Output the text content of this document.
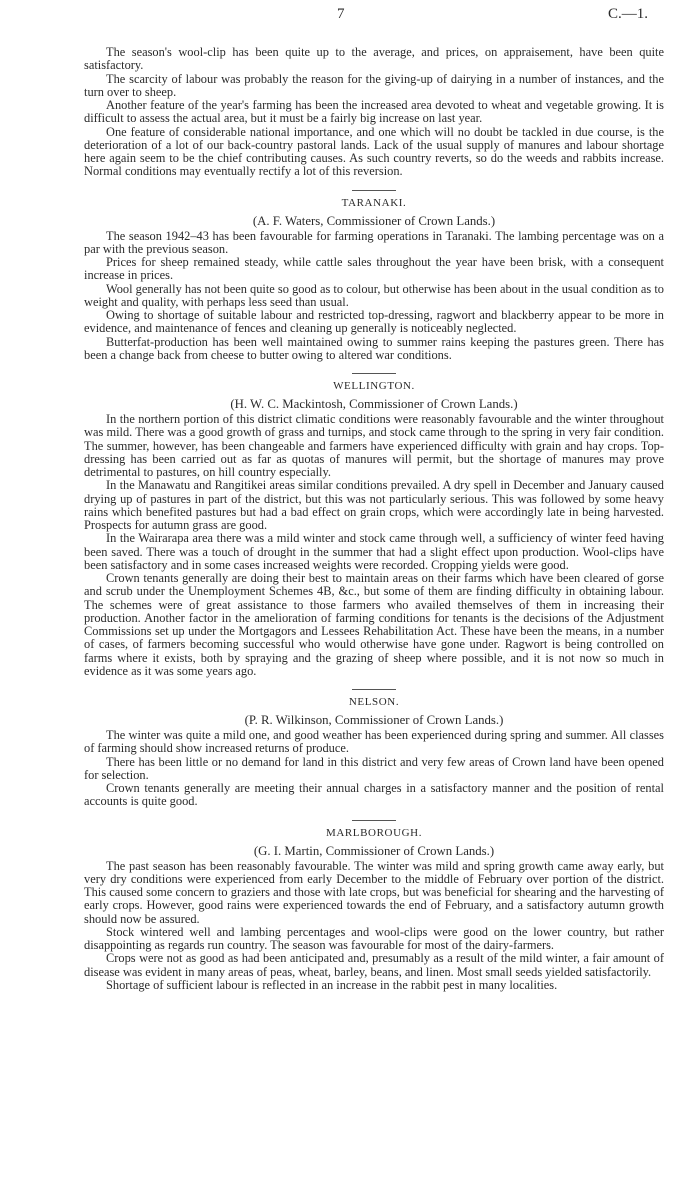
7	C.—1.

The season's wool-clip has been quite up to the average, and prices, on appraisement, have been quite satisfactory.

The scarcity of labour was probably the reason for the giving-up of dairying in a number of instances, and the turn over to sheep.

Another feature of the year's farming has been the increased area devoted to wheat and vegetable growing. It is difficult to assess the actual area, but it must be a fairly big increase on last year.

One feature of considerable national importance, and one which will no doubt be tackled in due course, is the deterioration of a lot of our back-country pastoral lands. Lack of the usual supply of manures and labour shortage here again seem to be the chief contributing causes. As such country reverts, so do the weeds and rabbits increase. Normal conditions may eventually rectify a lot of this reversion.

TARANAKI.
(A. F. Waters, Commissioner of Crown Lands.)

The season 1942–43 has been favourable for farming operations in Taranaki. The lambing percentage was on a par with the previous season.

Prices for sheep remained steady, while cattle sales throughout the year have been brisk, with a consequent increase in prices.

Wool generally has not been quite so good as to colour, but otherwise has been about in the usual condition as to weight and quality, with perhaps less seed than usual.

Owing to shortage of suitable labour and restricted top-dressing, ragwort and blackberry appear to be more in evidence, and maintenance of fences and cleaning up generally is noticeably neglected.

Butterfat-production has been well maintained owing to summer rains keeping the pastures green. There has been a change back from cheese to butter owing to altered war conditions.

WELLINGTON.
(H. W. C. Mackintosh, Commissioner of Crown Lands.)

In the northern portion of this district climatic conditions were reasonably favourable and the winter throughout was mild. There was a good growth of grass and turnips, and stock came through to the spring in very fair condition. The summer, however, has been changeable and farmers have experienced difficulty with grain and hay crops. Top-dressing has been carried out as far as quotas of manures will permit, but the shortage of manures may prove detrimental to pastures, on hill country especially.

In the Manawatu and Rangitikei areas similar conditions prevailed. A dry spell in December and January caused drying up of pastures in part of the district, but this was not particularly serious. This was followed by some heavy rains which benefited pastures but had a bad effect on grain crops, which were accordingly late in being harvested. Prospects for autumn grass are good.

In the Wairarapa area there was a mild winter and stock came through well, a sufficiency of winter feed having been saved. There was a touch of drought in the summer that had a slight effect upon production. Wool-clips have been satisfactory and in some cases increased weights were recorded. Cropping yields were good.

Crown tenants generally are doing their best to maintain areas on their farms which have been cleared of gorse and scrub under the Unemployment Schemes 4B, &c., but some of them are finding difficulty in obtaining labour. The schemes were of great assistance to those farmers who availed themselves of them in increasing their production. Another factor in the amelioration of farming conditions for tenants is the decisions of the Adjustment Commissions set up under the Mortgagors and Lessees Rehabilitation Act. These have been the means, in a number of cases, of farmers becoming successful who would otherwise have gone under. Ragwort is being controlled on farms where it exists, both by spraying and the grazing of sheep where possible, and it is not now so much in evidence as it was some years ago.

NELSON.
(P. R. Wilkinson, Commissioner of Crown Lands.)

The winter was quite a mild one, and good weather has been experienced during spring and summer. All classes of farming should show increased returns of produce.

There has been little or no demand for land in this district and very few areas of Crown land have been opened for selection.

Crown tenants generally are meeting their annual charges in a satisfactory manner and the position of rental accounts is quite good.

MARLBOROUGH.
(G. I. Martin, Commissioner of Crown Lands.)

The past season has been reasonably favourable. The winter was mild and spring growth came away early, but very dry conditions were experienced from early December to the middle of February over portion of the district. This caused some concern to graziers and those with late crops, but was beneficial for shearing and the harvesting of early crops. However, good rains were experienced towards the end of February, and a satisfactory autumn growth should now be assured.

Stock wintered well and lambing percentages and wool-clips were good on the lower country, but rather disappointing as regards run country. The season was favourable for most of the dairy-farmers.

Crops were not as good as had been anticipated and, presumably as a result of the mild winter, a fair amount of disease was evident in many areas of peas, wheat, barley, beans, and linen. Most small seeds yielded satisfactorily.

Shortage of sufficient labour is reflected in an increase in the rabbit pest in many localities.
